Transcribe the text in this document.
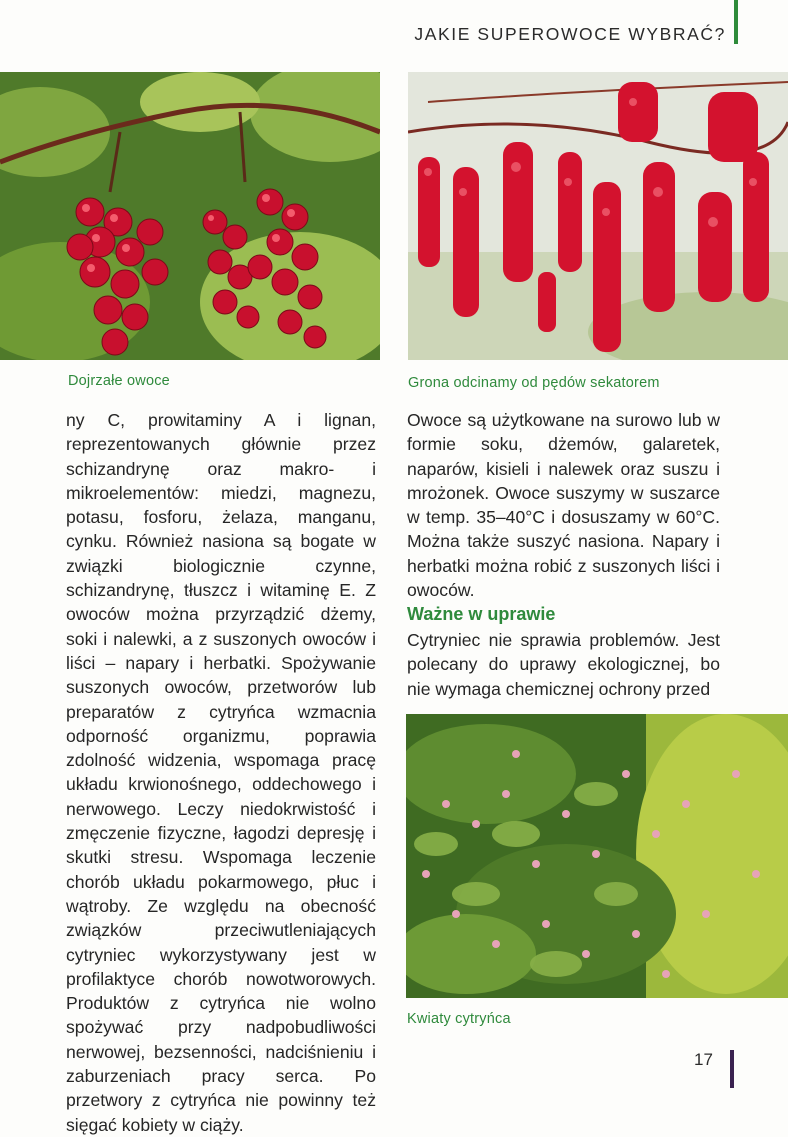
JAKIE SUPEROWOCE WYBRAĆ?
Dojrzałe owoce	Grona odcinamy od pędów sekatorem

ny C, prowitaminy A i lignan, reprezentowanych głównie przez schizandrynę oraz makro- i mikroelementów: miedzi, magnezu, potasu, fosforu, żelaza, manganu, cynku. Również nasiona są bogate w związki biologicznie czynne, schizandrynę, tłuszcz i witaminę E. Z owoców można przyrządzić dżemy, soki i nalewki, a z suszonych owoców i liści – napary i herbatki. Spożywanie suszonych owoców, przetworów lub preparatów z cytryńca wzmacnia odporność organizmu, poprawia zdolność widzenia, wspomaga pracę układu krwionośnego, oddechowego i nerwowego. Leczy niedokrwistość i zmęczenie fizyczne, łagodzi depresję i skutki stresu. Wspomaga leczenie chorób układu pokarmowego, płuc i wątroby. Ze względu na obecność związków przeciwutleniających cytryniec wykorzystywany jest w profilaktyce chorób nowotworowych. Produktów z cytryńca nie wolno spożywać przy nadpobudliwości nerwowej, bezsenności, nadciśnieniu i zaburzeniach pracy serca. Po przetwory z cytryńca nie powinny też sięgać kobiety w ciąży.

Owoce są użytkowane na surowo lub w formie soku, dżemów, galaretek, naparów, kisieli i nalewek oraz suszu i mrożonek. Owoce suszymy w suszarce w temp. 35–40°C i dosuszamy w 60°C. Można także suszyć nasiona. Napary i herbatki można robić z suszonych liści i owoców.

Ważne w uprawie

Cytryniec nie sprawia problemów. Jest polecany do uprawy ekologicznej, bo nie wymaga chemicznej ochrony przed

Kwiaty cytryńca
17
